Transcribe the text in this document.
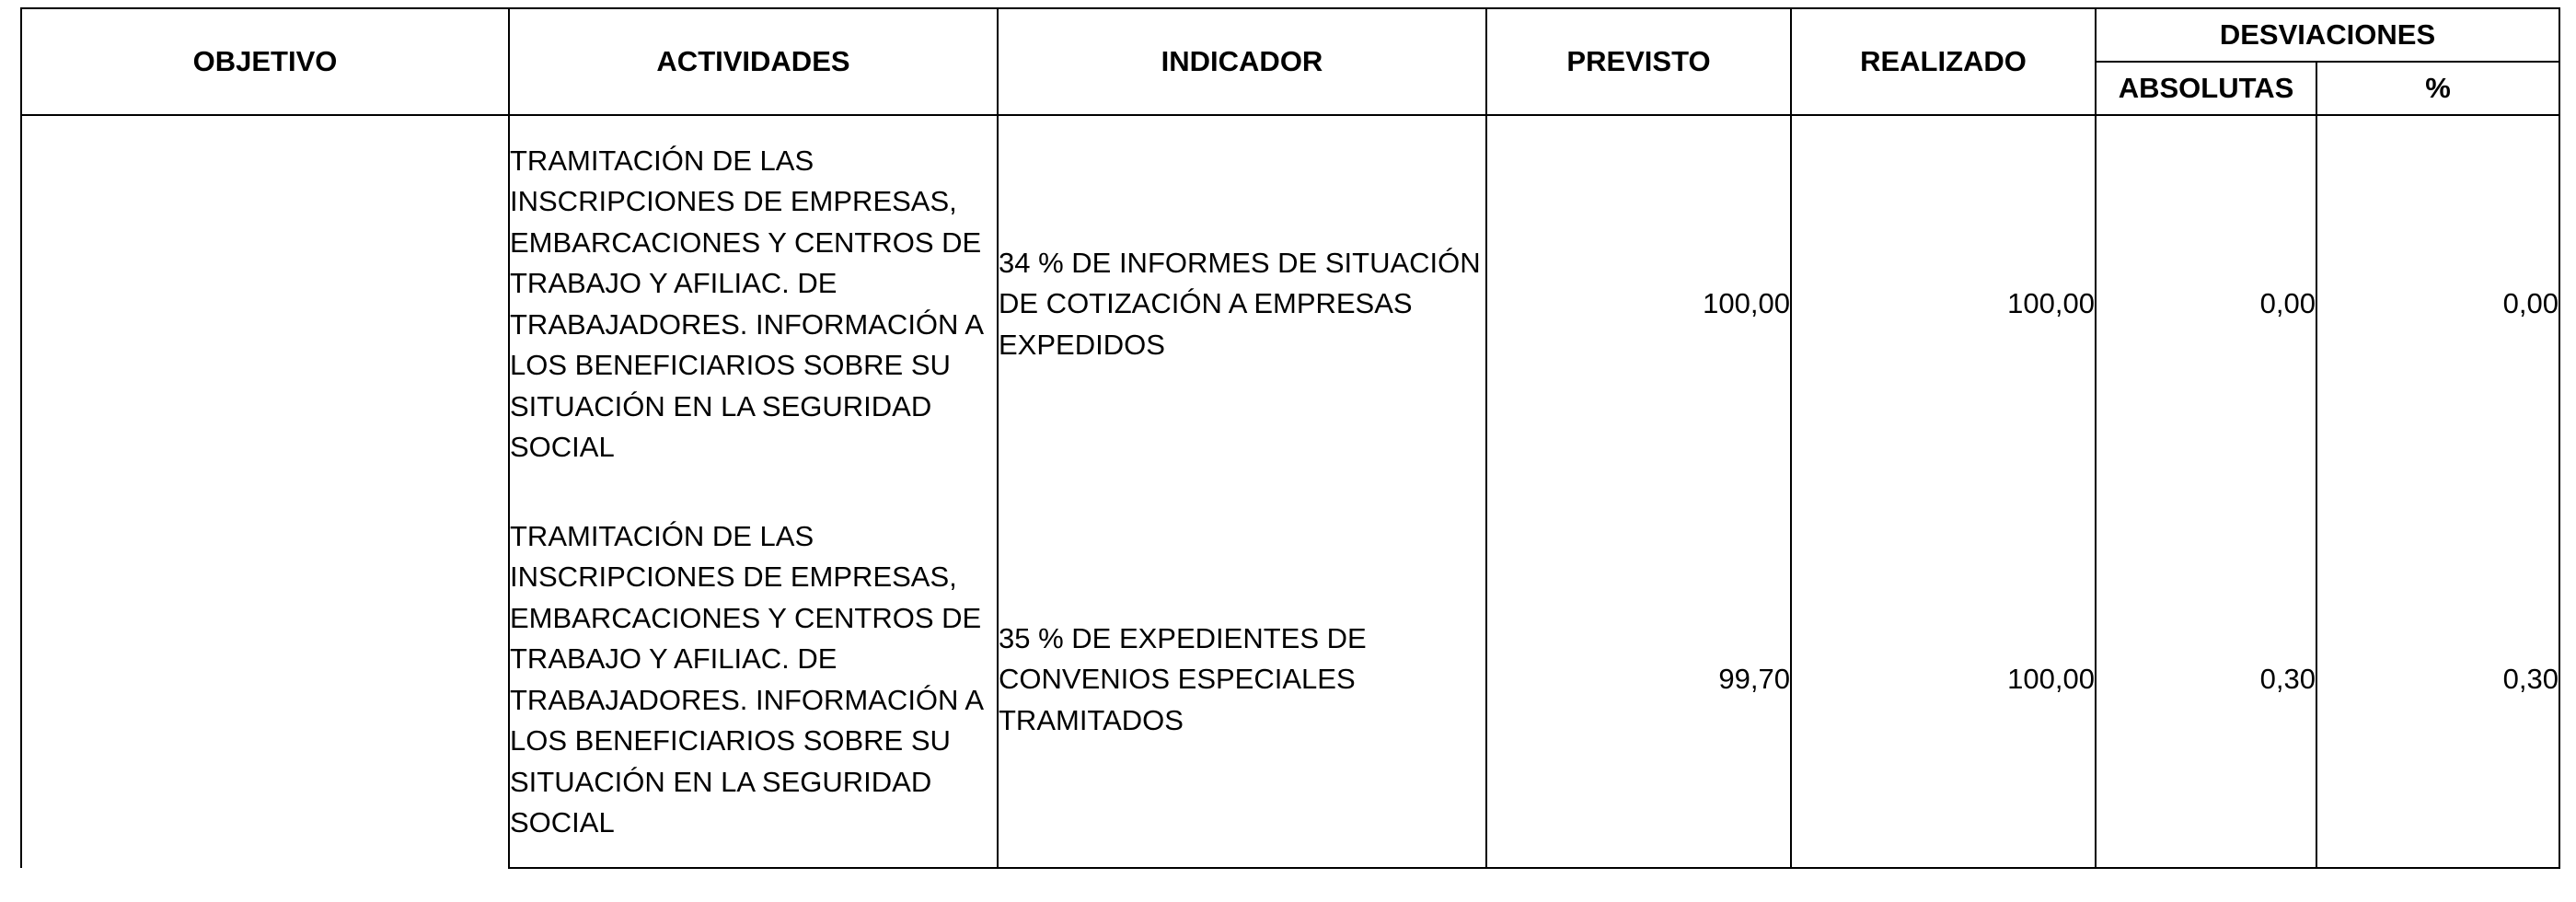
OBJETIVO	ACTIVIDADES	INDICADOR	PREVISTO	REALIZADO	DESVIACIONES	
					ABSOLUTAS	%

	TRAMITACIÓN DE LAS INSCRIPCIONES DE EMPRESAS, EMBARCACIONES Y CENTROS DE TRABAJO Y AFILIAC. DE TRABAJADORES. INFORMACIÓN A LOS BENEFICIARIOS SOBRE SU SITUACIÓN EN LA SEGURIDAD SOCIAL	34 % DE INFORMES DE SITUACIÓN DE COTIZACIÓN A EMPRESAS EXPEDIDOS	100,00	100,00	0,00	0,00

	TRAMITACIÓN DE LAS INSCRIPCIONES DE EMPRESAS, EMBARCACIONES Y CENTROS DE TRABAJO Y AFILIAC. DE TRABAJADORES. INFORMACIÓN A LOS BENEFICIARIOS SOBRE SU SITUACIÓN EN LA SEGURIDAD SOCIAL	35 % DE EXPEDIENTES DE CONVENIOS ESPECIALES TRAMITADOS	99,70	100,00	0,30	0,30
